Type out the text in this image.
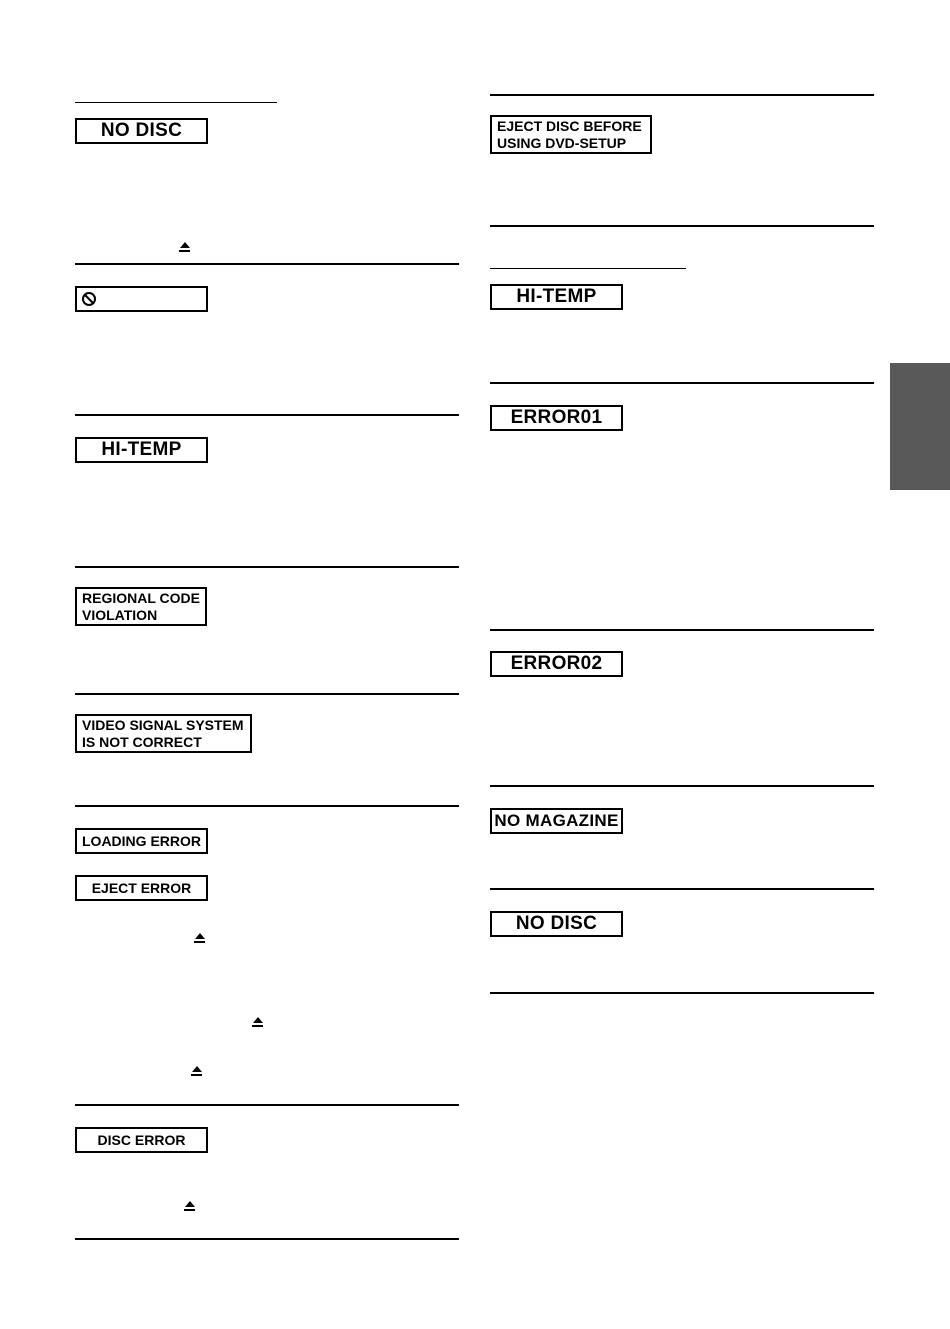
NO DISC
HI-TEMP
REGIONAL CODE
VIOLATION
VIDEO SIGNAL SYSTEM
IS NOT CORRECT
LOADING ERROR
EJECT ERROR
DISC ERROR
EJECT DISC BEFORE
USING DVD-SETUP
HI-TEMP
ERROR01
ERROR02
NO MAGAZINE
NO DISC
